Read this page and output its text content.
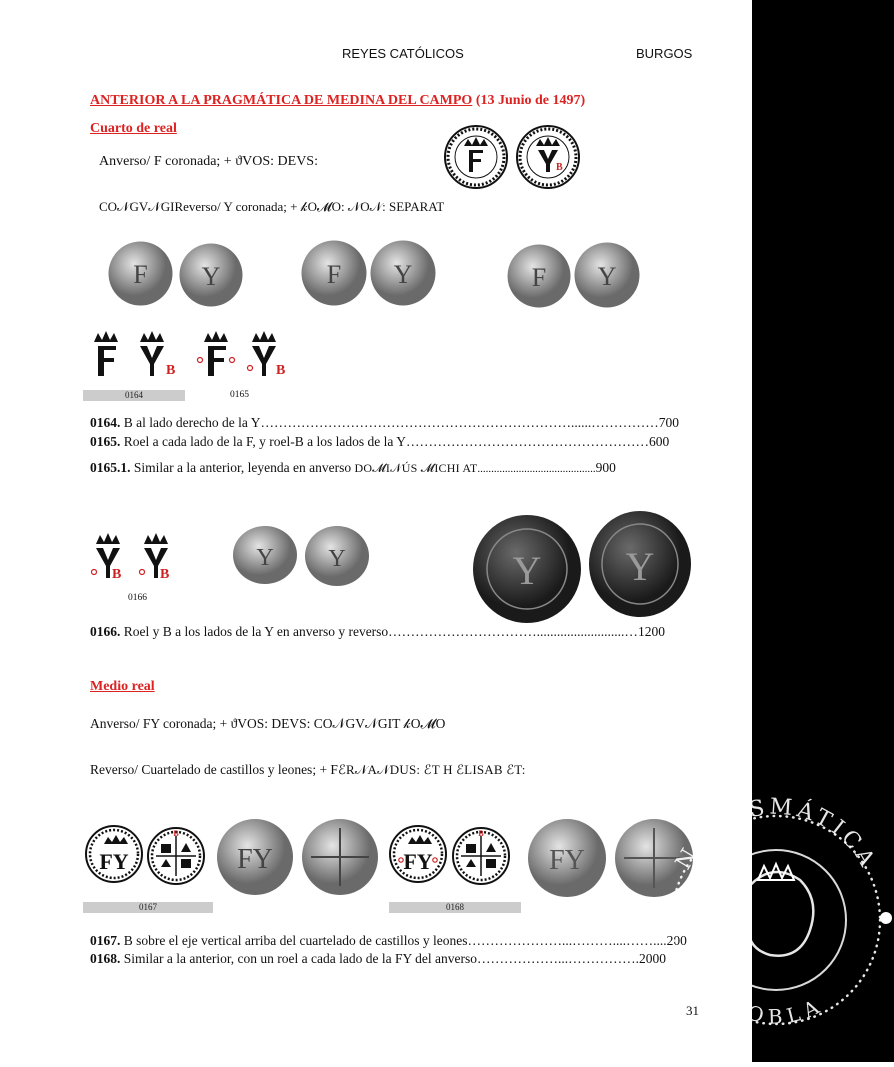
REYES CATÓLICOS	BURGOS
ANTERIOR A LA PRAGMÁTICA DE MEDINA DEL CAMPO (13 Junio de 1497)
Cuarto de real
Anverso/ F coronada; + ϑVOS: DEVS:
CO𝒩GV𝒩GIReverso/ Y coronada; + 𝓀O𝓜O: 𝒩O𝒩: SEPARAT
B
F Y	F Y	F Y
B	B
0164	0165
0164. B al lado derecho de la Y……………………………………………………………......……………700
0165. Roel a cada lado de la F, y roel-B a los lados de la Y………………………………………………600
0165.1. Similar a la anterior, leyenda en anverso DO𝓜I𝒩ÚS 𝓜ICHI AT...........................................900
B	B
0166
Y Y	Y Y
0166. Roel y B a los lados de la Y en anverso y reverso……………………………..........................…1200
Medio real
Anverso/ FY coronada; + ϑVOS: DEVS: CO𝒩GV𝒩GIT 𝓀O𝓜O
Reverso/ Cuartelado de castillos y leones; + FℰR𝒩A𝒩DUS: ℰT H ℰLISAB ℰT:
FY
B
FY	FY
B
FY
0167	0168
0167. B sobre el eje vertical arriba del cuartelado de castillos y leones…………………...………....……....200
0168. Similar a la anterior, con un roel a cada lado de la FY del anverso………………...…………….2000
31
NUMISMÁTICA
DOBLA
